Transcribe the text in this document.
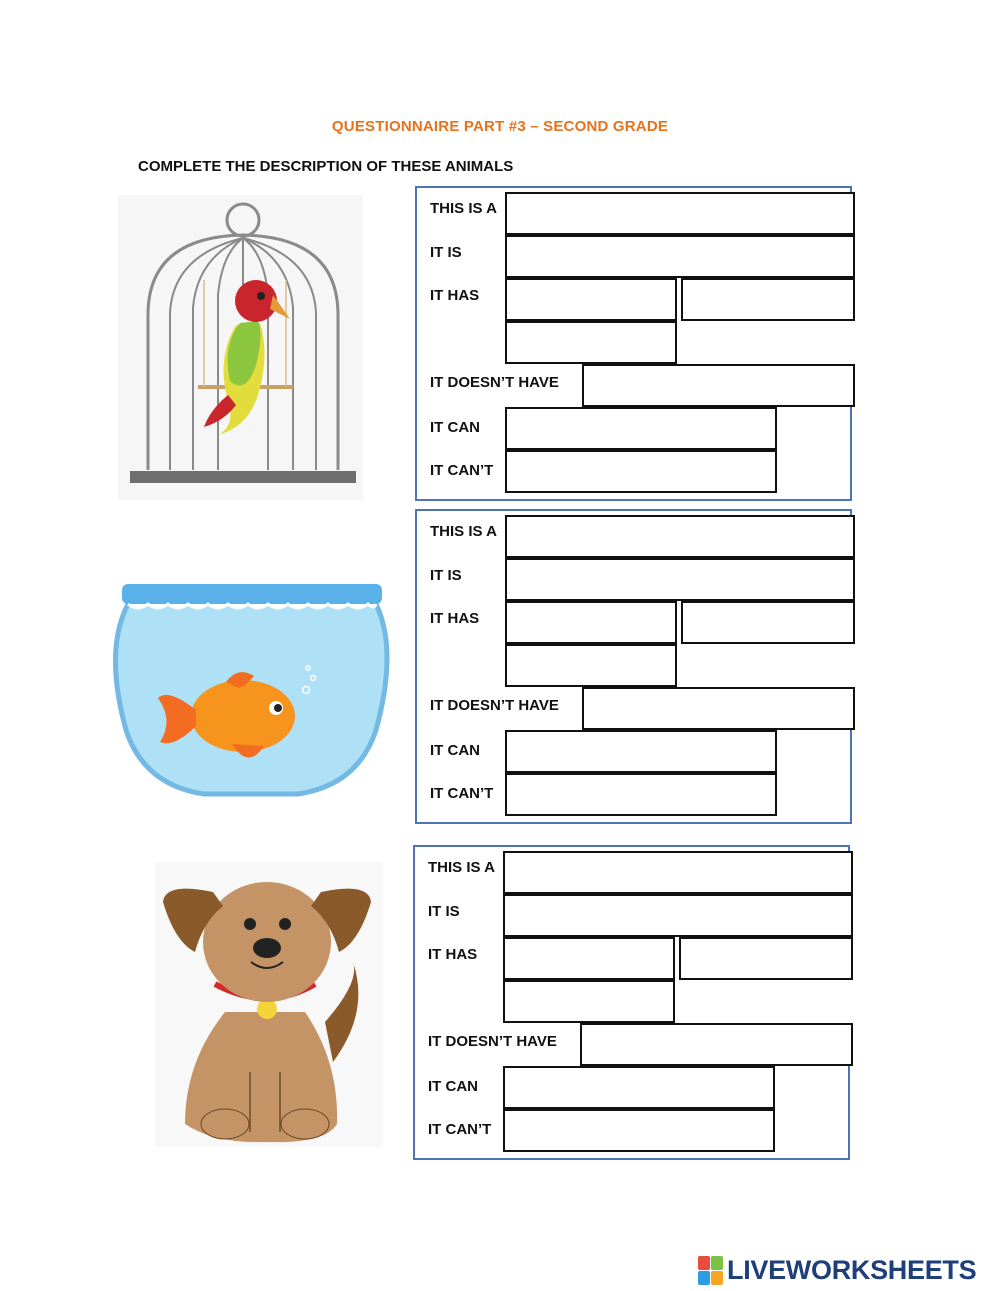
QUESTIONNAIRE PART #3 – SECOND GRADE
COMPLETE THE DESCRIPTION OF THESE ANIMALS
THIS IS A
IT IS
IT HAS
IT DOESN’T HAVE
IT CAN
IT CAN’T
THIS IS A
IT IS
IT HAS
IT DOESN’T HAVE
IT CAN
IT CAN’T
THIS IS A
IT IS
IT HAS
IT DOESN’T HAVE
IT CAN
IT CAN’T
LIVEWORKSHEETS
